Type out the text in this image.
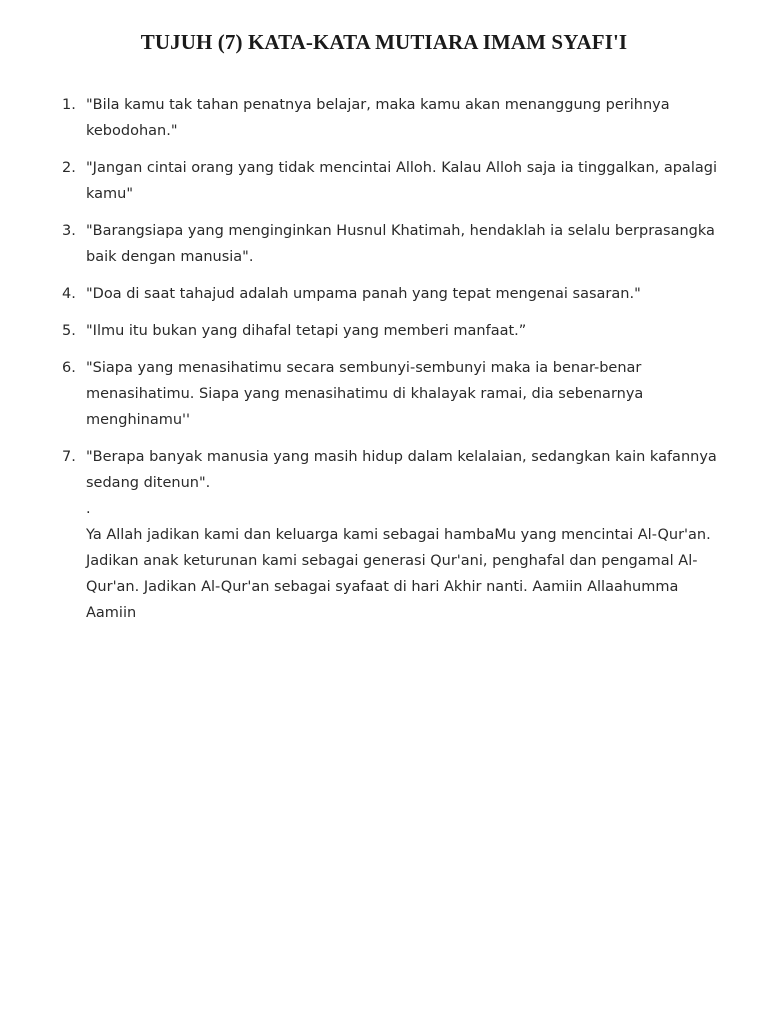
TUJUH (7) KATA-KATA MUTIARA IMAM SYAFI'I
1. "Bila kamu tak tahan penatnya belajar, maka kamu akan menanggung perihnya kebodohan."
2. "Jangan cintai orang yang tidak mencintai Alloh. Kalau Alloh saja ia tinggalkan, apalagi kamu"
3. "Barangsiapa yang menginginkan Husnul Khatimah, hendaklah ia selalu berprasangka baik dengan manusia".
4. "Doa di saat tahajud adalah umpama panah yang tepat mengenai sasaran."
5. "Ilmu itu bukan yang dihafal tetapi yang memberi manfaat.”
6. "Siapa yang menasihatimu secara sembunyi-sembunyi maka ia benar-benar menasihatimu. Siapa yang menasihatimu di khalayak ramai, dia sebenarnya menghinamu''
7. "Berapa banyak manusia yang masih hidup dalam kelalaian, sedangkan kain kafannya sedang ditenun".
.
Ya Allah jadikan kami dan keluarga kami sebagai hambaMu yang mencintai Al-Qur'an. Jadikan anak keturunan kami sebagai generasi Qur'ani, penghafal dan pengamal Al-Qur'an. Jadikan Al-Qur'an sebagai syafaat di hari Akhir nanti. Aamiin Allaahumma Aamiin
